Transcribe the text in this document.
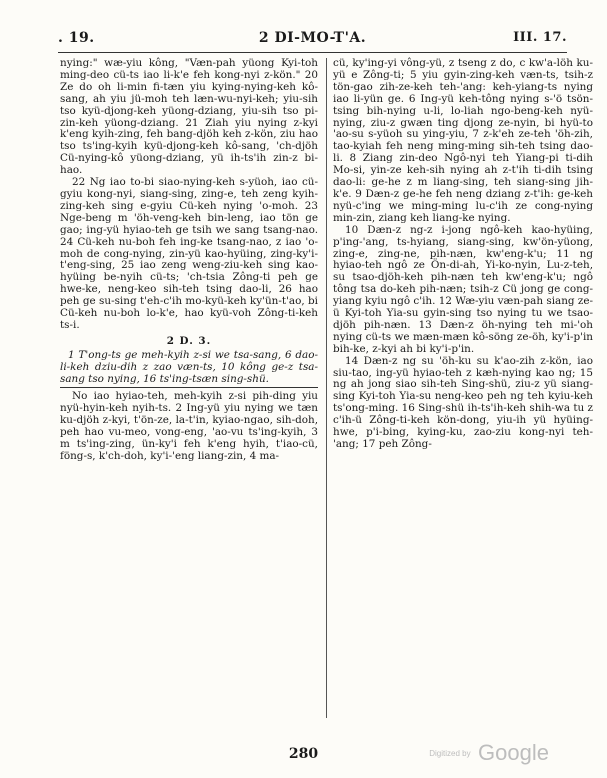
. 19.	2 DI-MO-T'A.	III. 17.

nying:" wæ-yiu kông, "Væn-pah yüong Kyi-toh ming-deo cü-ts iao li-k'e feh kong-nyi z-kön." 20 Ze do oh li-min fi-tæn yiu kying-nying-keh kô-sang, ah yiu jü-moh teh læn-wu-nyi-keh; yiu-sih tso kyü-djong-keh yüong-dziang, yiu-sih tso pi-zin-keh yüong-dziang. 21 Ziah yiu nying z-kyi k'eng kyih-zing, feh bang-djöh keh z-kön, ziu hao tso ts'ing-kyih kyü-djong-keh kô-sang, 'ch-djöh Cü-nying-kô yüong-dziang, yü ih-ts'ih zin-z bi-hao.

22 Ng iao to-bi siao-nying-keh s-yüoh, iao cü-gyiu kong-nyi, siang-sing, zing-e, teh zeng kyih-zing-keh sing e-gyiu Cü-keh nying 'o-moh. 23 Nge-beng m 'öh-veng-keh bin-leng, iao tön ge gao; ing-yü hyiao-teh ge tsih we sang tsang-nao. 24 Cü-keh nu-boh feh ing-ke tsang-nao, z iao 'o-moh de cong-nying, zin-yü kao-hyüing, zing-ky'i-t'eng-sing, 25 iao zeng weng-ziu-keh sing kao-hyüing be-nyih cü-ts; 'ch-tsia Zông-ti peh ge hwe-ke, neng-keo sih-teh tsing dao-li, 26 hao peh ge su-sing t'eh-c'ih mo-kyü-keh ky'ün-t'ao, bi Cü-keh nu-boh lo-k'e, hao kyü-voh Zông-ti-keh ts-i.

2 D. 3.

1 T'ong-ts ge meh-kyih z-si we tsa-sang, 6 dao-li-keh dziu-dih z zao væn-ts, 10 kông ge-z tsa-sang tso nying, 16 ts'ing-tsæn sing-shü.

No iao hyiao-teh, meh-kyih z-si pih-ding yiu nyü-hyin-keh nyih-ts. 2 Ing-yü yiu nying we tæn ku-djöh z-kyi, t'ön-ze, la-t'in, kyiao-ngao, sih-doh, peh hao vu-meo, vong-eng, 'ao-vu ts'ing-kyih, 3 m ts'ing-zing, ün-ky'i feh k'eng hyih, t'iao-cü, föng-s, k'ch-doh, ky'i-'eng liang-zin, 4 ma-

cü, ky'ing-yi vông-yü, z tseng z do, c kw'a-löh ku-yü e Zông-ti; 5 yiu gyin-zing-keh væn-ts, tsih-z tön-gao zih-ze-keh teh-'ang: keh-yiang-ts nying iao li-yün ge. 6 Ing-yü keh-tông nying s-'ö tsön-tsing bih-nying u-li, lo-liah ngo-beng-keh nyü-nying, ziu-z gwæn ting djong ze-nyin, bi hyü-to 'ao-su s-yüoh su ying-yiu, 7 z-k'eh ze-teh 'öh-zih, tao-kyiah feh neng ming-ming sih-teh tsing dao-li. 8 Ziang zin-deo Ngô-nyi teh Yiang-pi ti-dih Mo-si, yin-ze keh-sih nying ah z-t'ih ti-dih tsing dao-li: ge-he z m liang-sing, teh siang-sing jih-k'e. 9 Dæn-z ge-he feh neng dziang z-t'ih: ge-keh nyü-c'ing we ming-ming lu-c'ih ze cong-nying min-zin, ziang keh liang-ke nying.

10 Dæn-z ng-z i-jong ngô-keh kao-hyüing, p'ing-'ang, ts-hyiang, siang-sing, kw'ön-yüong, zing-e, zing-ne, pih-næn, kw'eng-k'u; 11 ng hyiao-teh ngô ze Ön-di-ah, Yi-ko-nyin, Lu-z-teh, su tsao-djöh-keh pih-næn teh kw'eng-k'u; ngô tông tsa do-keh pih-næn; tsih-z Cü jong ge cong-yiang kyiu ngô c'ih. 12 Wæ-yiu væn-pah siang ze-ü Kyi-toh Yia-su gyin-sing tso nying tu we tsao-djöh pih-næn. 13 Dæn-z öh-nying teh mi-'oh nying cü-ts we mæn-mæn kô-söng ze-öh, ky'i-p'in bih-ke, z-kyi ah bi ky'i-p'in.

14 Dæn-z ng su 'öh-ku su k'ao-zih z-kön, iao siu-tao, ing-yü hyiao-teh z kæh-nying kao ng; 15 ng ah jong siao sih-teh Sing-shü, ziu-z yü siang-sing Kyi-toh Yia-su neng-keo peh ng teh kyiu-keh ts'ong-ming. 16 Sing-shü ih-ts'ih-keh shih-wa tu z c'ih-ü Zông-ti-keh kön-dong, yiu-ih yü hyüing-hwe, p'i-bing, kying-ku, zao-ziu kong-nyi teh-'ang; 17 peh Zông-

280	Digitized by Google
